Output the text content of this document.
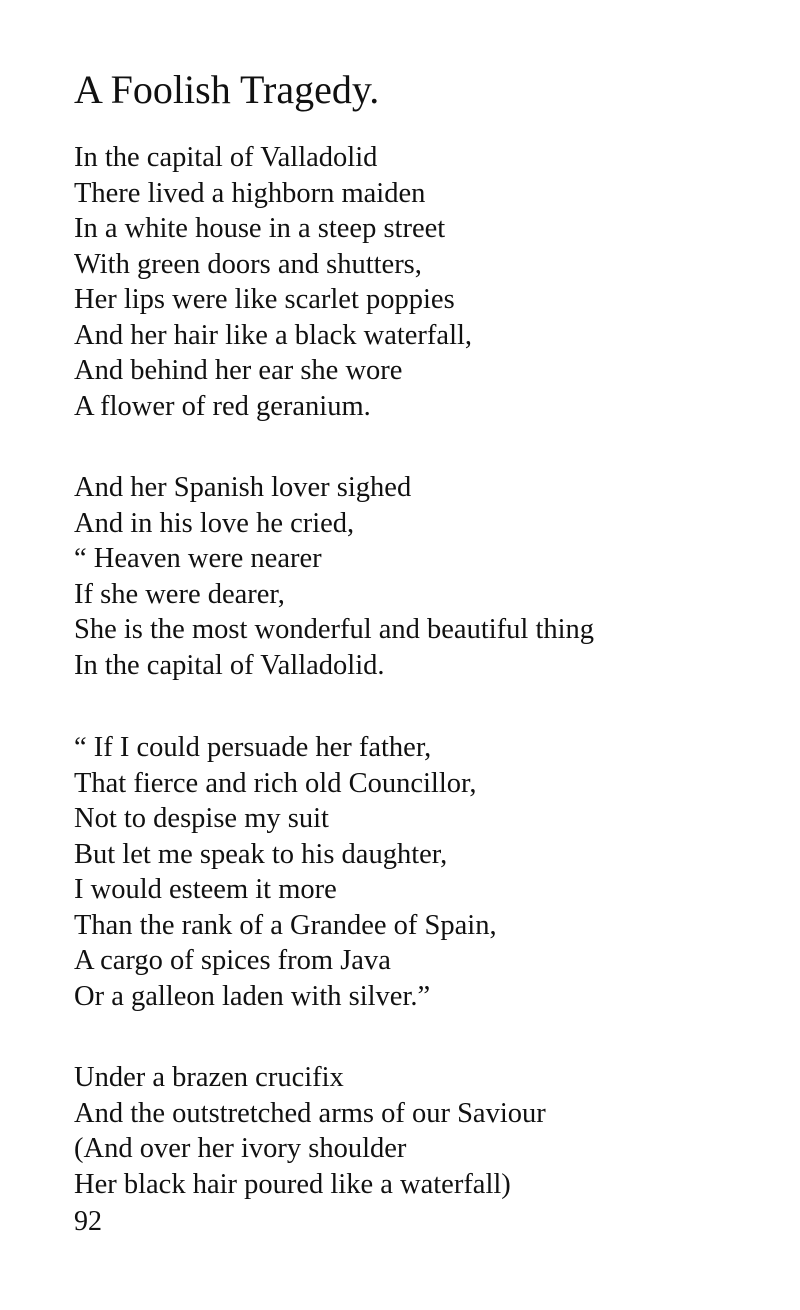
A Foolish Tragedy.
In the capital of Valladolid
There lived a highborn maiden
In a white house in a steep street
With green doors and shutters,
Her lips were like scarlet poppies
And her hair like a black waterfall,
And behind her ear she wore
A flower of red geranium.
And her Spanish lover sighed
And in his love he cried,
“ Heaven were nearer
If she were dearer,
She is the most wonderful and beautiful thing
In the capital of Valladolid.
“ If I could persuade her father,
That fierce and rich old Councillor,
Not to despise my suit
But let me speak to his daughter,
I would esteem it more
Than the rank of a Grandee of Spain,
A cargo of spices from Java
Or a galleon laden with silver.”
Under a brazen crucifix
And the outstretched arms of our Saviour
(And over her ivory shoulder
Her black hair poured like a waterfall)
92
